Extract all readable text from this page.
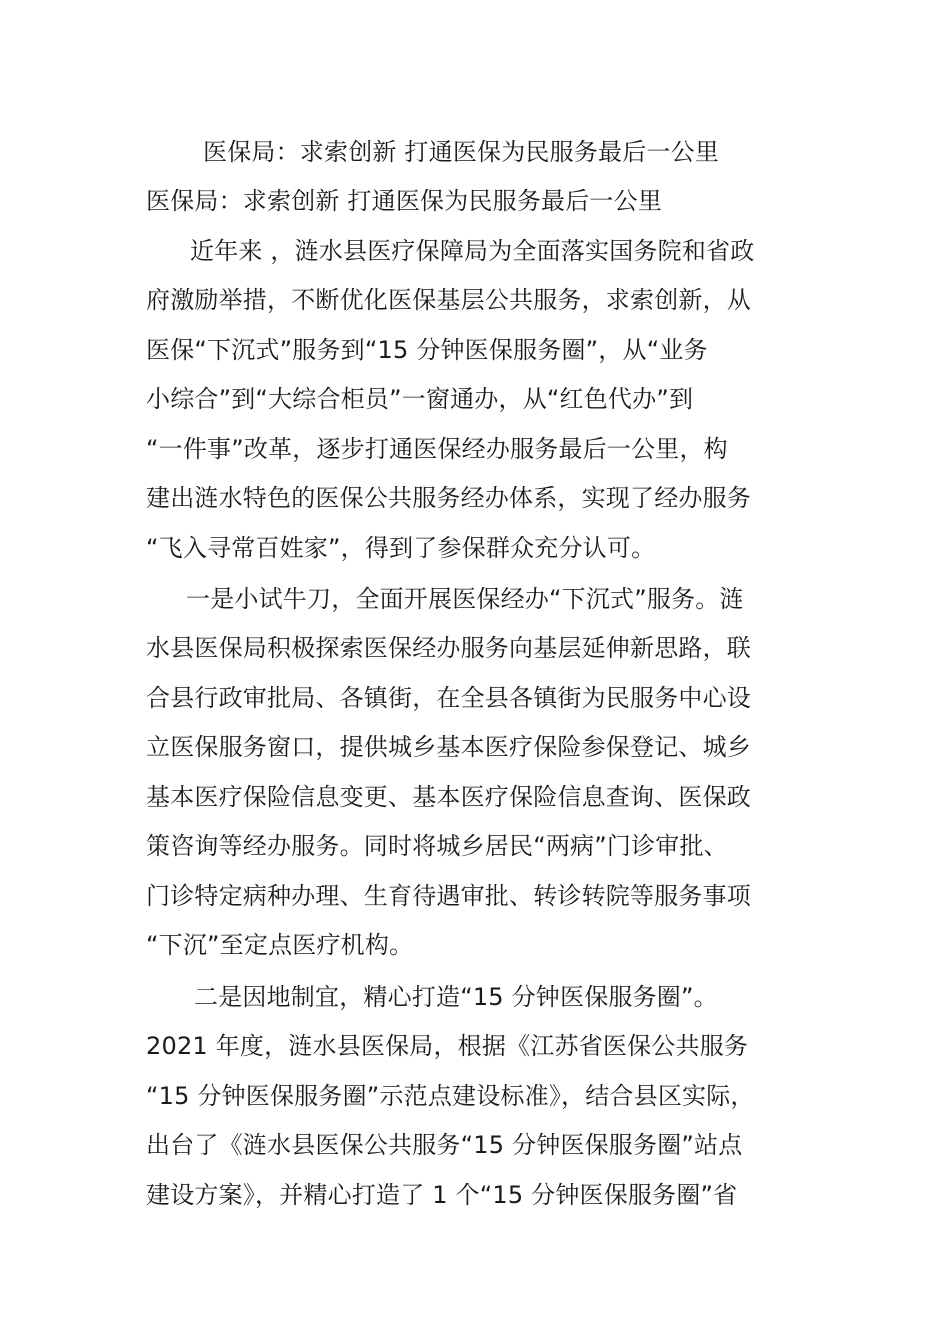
医保局：求索创新 打通医保为民服务最后一公里
医保局：求索创新 打通医保为民服务最后一公里
近年来 ，涟水县医疗保障局为全面落实国务院和省政
府激励举措，不断优化医保基层公共服务，求索创新，从
医保“下沉式”服务到“15 分钟医保服务圈”，从“业务
小综合”到“大综合柜员”一窗通办，从“红色代办”到
“一件事”改革，逐步打通医保经办服务最后一公里，构
建出涟水特色的医保公共服务经办体系，实现了经办服务
“飞入寻常百姓家”，得到了参保群众充分认可。
一是小试牛刀，全面开展医保经办“下沉式”服务。涟
水县医保局积极探索医保经办服务向基层延伸新思路，联
合县行政审批局、各镇街，在全县各镇街为民服务中心设
立医保服务窗口，提供城乡基本医疗保险参保登记、城乡
基本医疗保险信息变更、基本医疗保险信息查询、医保政
策咨询等经办服务。同时将城乡居民“两病”门诊审批、
门诊特定病种办理、生育待遇审批、转诊转院等服务事项
“下沉”至定点医疗机构。
二是因地制宜，精心打造“15 分钟医保服务圈”。
2021 年度，涟水县医保局，根据《江苏省医保公共服务
“15 分钟医保服务圈”示范点建设标准》，结合县区实际，
出台了《涟水县医保公共服务“15 分钟医保服务圈”站点
建设方案》，并精心打造了 1 个“15 分钟医保服务圈”省
